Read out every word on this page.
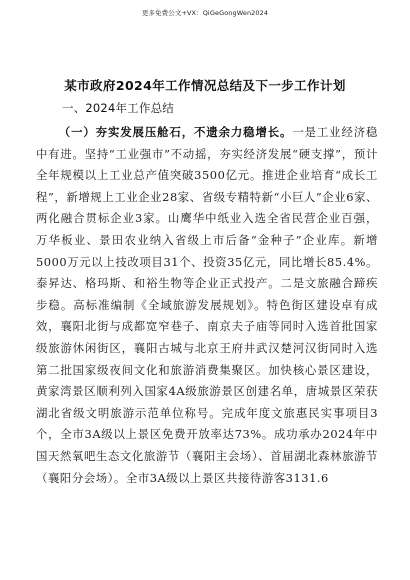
更多免费公文+VX：QiGeGongWen2024
某市政府2024年工作情况总结及下一步工作计划
一、2024年工作总结

（一）夯实发展压舱石，不遗余力稳增长。一是工业经济稳中有进。坚持“工业强市”不动摇，夯实经济发展“硬支撑”，预计全年规模以上工业总产值突破3500亿元。推进企业培育“成长工程”，新增规上工业企业28家、省级专精特新“小巨人”企业6家、两化融合贯标企业3家。山鹰华中纸业入选全省民营企业百强，万华板业、景田农业纳入省级上市后备“金种子”企业库。新增5000万元以上技改项目31个、投资35亿元，同比增长85.4%。泰昇达、格玛斯、和裕生物等企业正式投产。二是文旅融合蹄疾步稳。高标准编制《全域旅游发展规划》。特色街区建设卓有成效，襄阳北街与成都宽窄巷子、南京夫子庙等同时入选首批国家级旅游休闲街区，襄阳古城与北京王府井武汉楚河汉街同时入选第二批国家级夜间文化和旅游消费集聚区。加快核心景区建设，黄家湾景区顺利列入国家4A级旅游景区创建名单，唐城景区荣获湖北省级文明旅游示范单位称号。完成年度文旅惠民实事项目3个，全市3A级以上景区免费开放率达73%。成功承办2024年中国天然氧吧生态文化旅游节（襄阳主会场）、首届湖北森林旅游节（襄阳分会场）。全市3A级以上景区共接待游客3131.6
